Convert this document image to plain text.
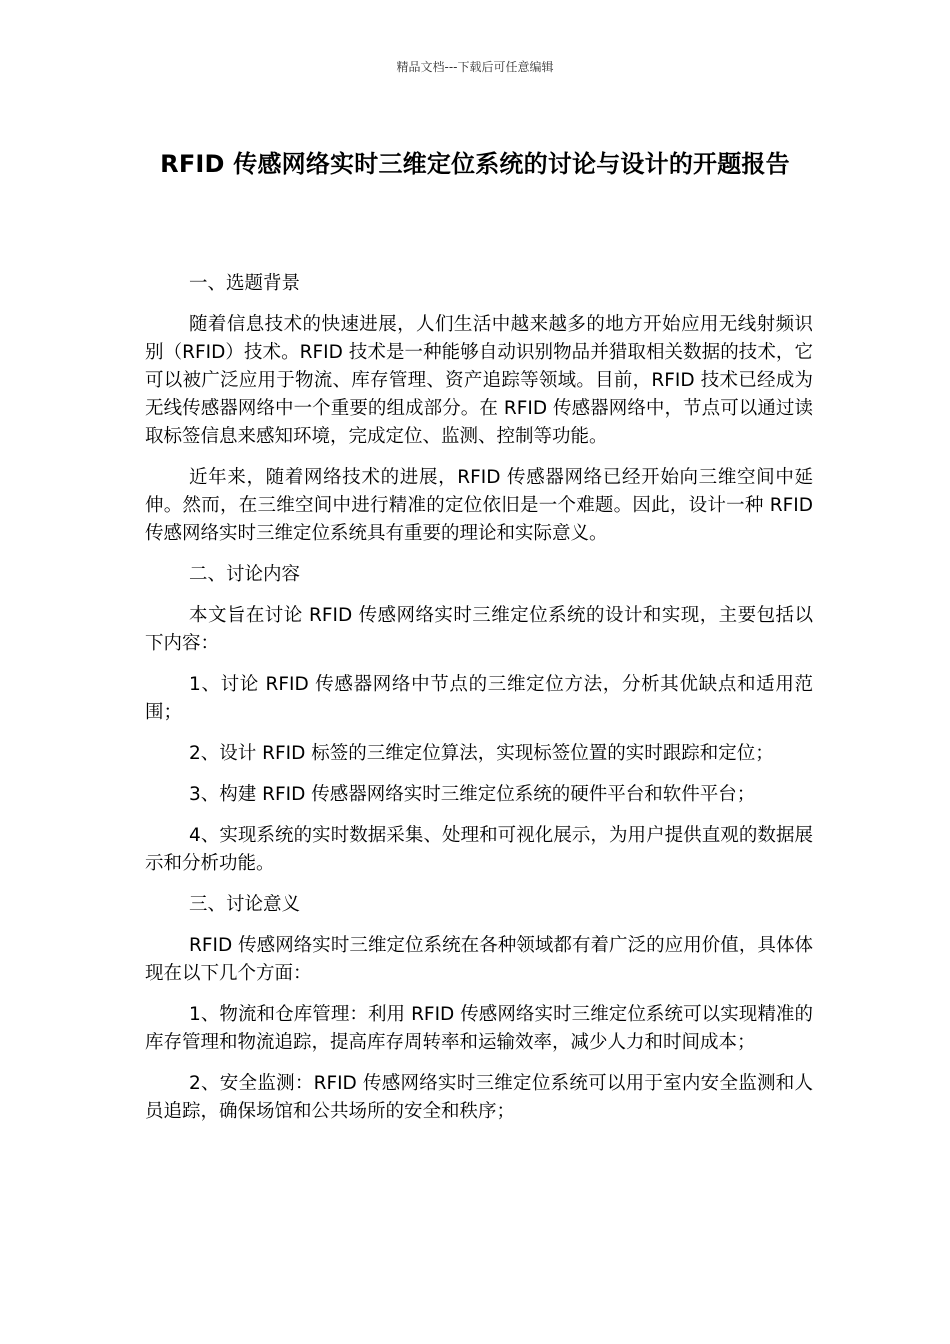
精品文档---下载后可任意编辑
RFID 传感网络实时三维定位系统的讨论与设计的开题报告

一、选题背景

随着信息技术的快速进展，人们生活中越来越多的地方开始应用无线射频识别（RFID）技术。RFID 技术是一种能够自动识别物品并猎取相关数据的技术，它可以被广泛应用于物流、库存管理、资产追踪等领域。目前，RFID 技术已经成为无线传感器网络中一个重要的组成部分。在 RFID 传感器网络中，节点可以通过读取标签信息来感知环境，完成定位、监测、控制等功能。

近年来，随着网络技术的进展，RFID 传感器网络已经开始向三维空间中延伸。然而，在三维空间中进行精准的定位依旧是一个难题。因此，设计一种 RFID 传感网络实时三维定位系统具有重要的理论和实际意义。

二、讨论内容

本文旨在讨论 RFID 传感网络实时三维定位系统的设计和实现，主要包括以下内容：

1、讨论 RFID 传感器网络中节点的三维定位方法，分析其优缺点和适用范围；

2、设计 RFID 标签的三维定位算法，实现标签位置的实时跟踪和定位；

3、构建 RFID 传感器网络实时三维定位系统的硬件平台和软件平台；

4、实现系统的实时数据采集、处理和可视化展示，为用户提供直观的数据展示和分析功能。

三、讨论意义

RFID 传感网络实时三维定位系统在各种领域都有着广泛的应用价值，具体体现在以下几个方面：

1、物流和仓库管理：利用 RFID 传感网络实时三维定位系统可以实现精准的库存管理和物流追踪，提高库存周转率和运输效率，减少人力和时间成本；

2、安全监测：RFID 传感网络实时三维定位系统可以用于室内安全监测和人员追踪，确保场馆和公共场所的安全和秩序；
